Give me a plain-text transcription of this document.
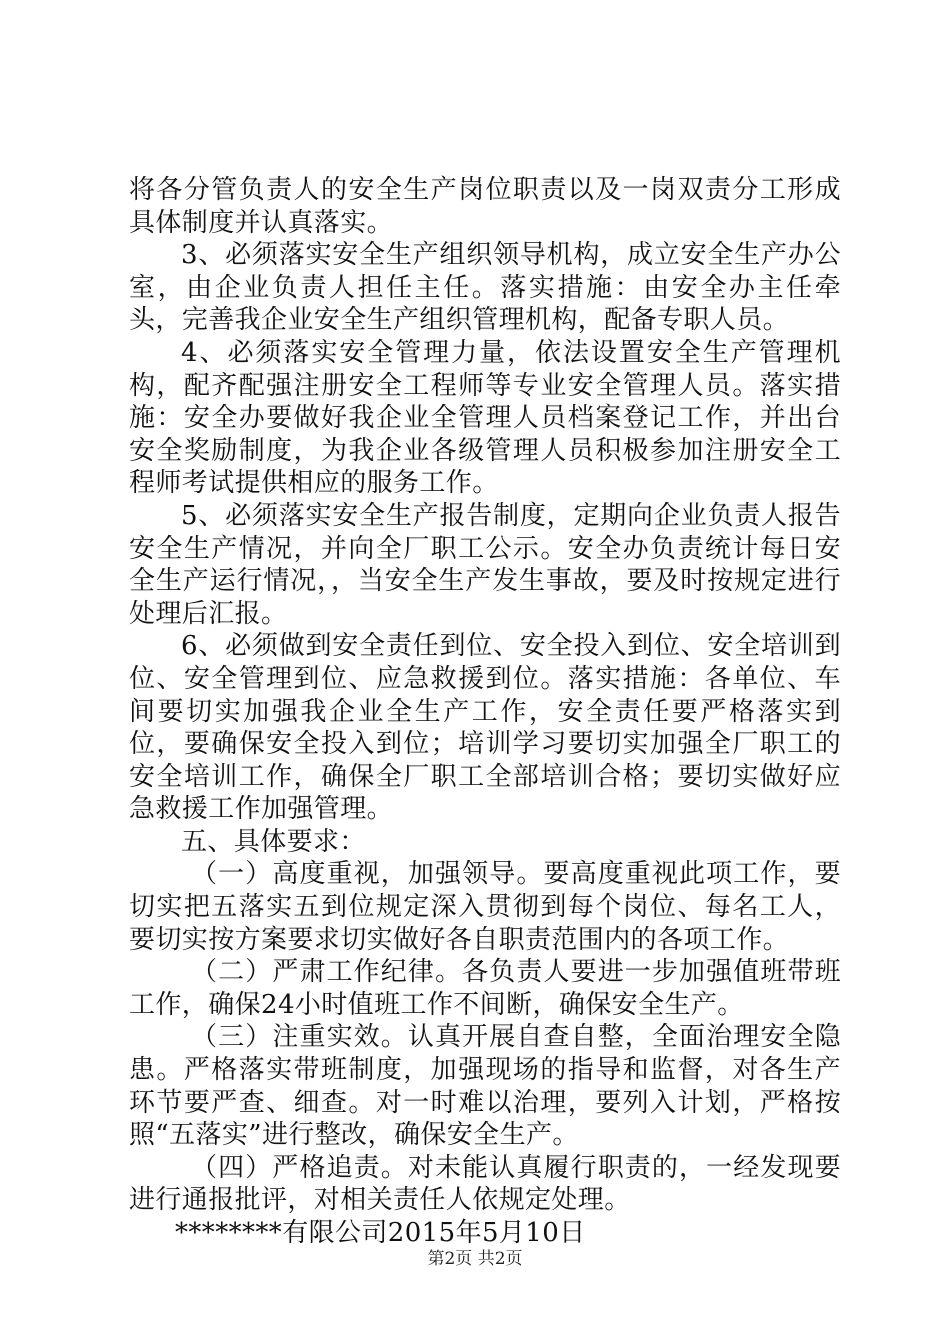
将各分管负责人的安全生产岗位职责以及一岗双责分工形成具体制度并认真落实。

3、必须落实安全生产组织领导机构，成立安全生产办公室，由企业负责人担任主任。落实措施：由安全办主任牵头，完善我企业安全生产组织管理机构，配备专职人员。

4、必须落实安全管理力量，依法设置安全生产管理机构，配齐配强注册安全工程师等专业安全管理人员。落实措施：安全办要做好我企业全管理人员档案登记工作，并出台安全奖励制度，为我企业各级管理人员积极参加注册安全工程师考试提供相应的服务工作。

5、必须落实安全生产报告制度，定期向企业负责人报告安全生产情况，并向全厂职工公示。安全办负责统计每日安全生产运行情况，，当安全生产发生事故，要及时按规定进行处理后汇报。

6、必须做到安全责任到位、安全投入到位、安全培训到位、安全管理到位、应急救援到位。落实措施：各单位、车间要切实加强我企业全生产工作，安全责任要严格落实到位，要确保安全投入到位；培训学习要切实加强全厂职工的安全培训工作，确保全厂职工全部培训合格；要切实做好应急救援工作加强管理。

五、具体要求：

（一）高度重视，加强领导。要高度重视此项工作，要切实把五落实五到位规定深入贯彻到每个岗位、每名工人，要切实按方案要求切实做好各自职责范围内的各项工作。

（二）严肃工作纪律。各负责人要进一步加强值班带班工作，确保24小时值班工作不间断，确保安全生产。

（三）注重实效。认真开展自查自整，全面治理安全隐患。严格落实带班制度，加强现场的指导和监督，对各生产环节要严查、细查。对一时难以治理，要列入计划，严格按照“五落实”进行整改，确保安全生产。

（四）严格追责。对未能认真履行职责的，一经发现要进行通报批评，对相关责任人依规定处理。

********有限公司2015年5月10日

第2页 共2页
